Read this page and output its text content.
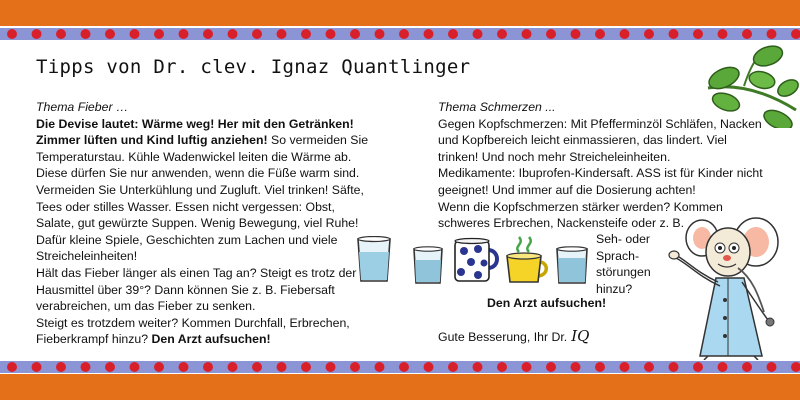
Tipps von Dr. clev. Ignaz Quantlinger

Thema Fieber …

Die Devise lautet: Wärme weg! Her mit den Getränken! Zimmer lüften und Kind luftig anziehen! So vermeiden Sie Temperaturstau. Kühle Wadenwickel leiten die Wärme ab. Diese dürfen Sie nur anwenden, wenn die Füße warm sind. Vermeiden Sie Unterkühlung und Zugluft. Viel trinken! Säfte, Tees oder stilles Wasser. Essen nicht vergessen: Obst, Salate, gut gewürzte Suppen. Wenig Bewegung, viel Ruhe! Dafür kleine Spiele, Geschichten zum Lachen und viele Streicheleinheiten!

Hält das Fieber länger als einen Tag an? Steigt es trotz der Hausmittel über 39°? Dann können Sie z. B. Fiebersaft verabreichen, um das Fieber zu senken.

Steigt es trotzdem weiter? Kommen Durchfall, Erbrechen, Fieberkrampf hinzu? Den Arzt aufsuchen!

Thema Schmerzen ...

Gegen Kopfschmerzen: Mit Pfefferminzöl Schläfen, Nacken und Kopfbereich leicht einmassieren, das lindert. Viel trinken! Und noch mehr Streicheleinheiten.

Medikamente: Ibuprofen-Kindersaft. ASS ist für Kinder nicht geeignet! Und immer auf die Dosierung achten!

Wenn die Kopfschmerzen stärker werden? Kommen schweres Erbrechen, Nackensteife oder z. B.

Seh- oder Sprach-störungen hinzu?
Den Arzt aufsuchen!
Gute Besserung, Ihr Dr. IQ
